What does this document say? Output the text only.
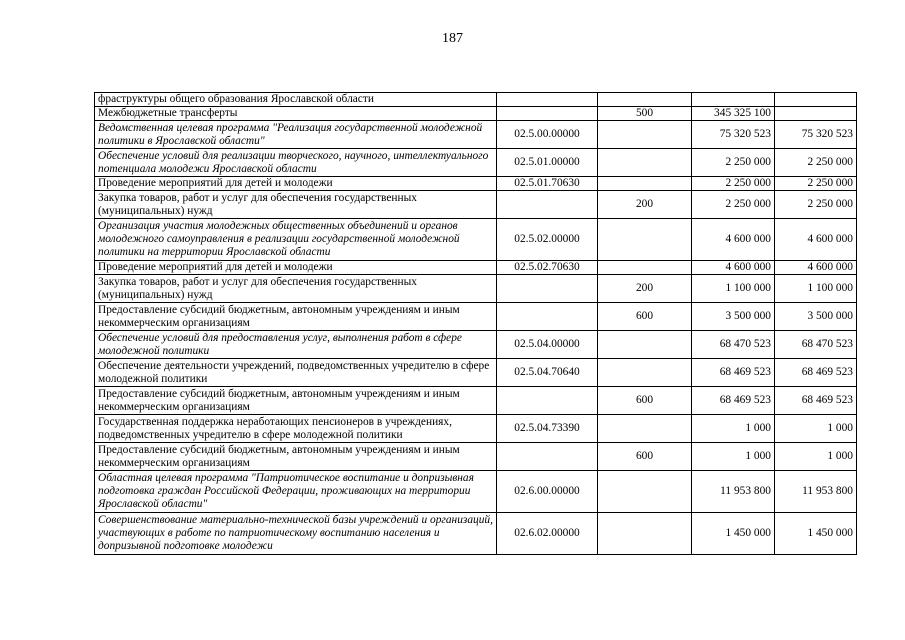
187
фраструктуры общего образования Ярославской области				
Межбюджетные трансферты		500	345 325 100	
Ведомственная целевая программа "Реализация государственной молодежной политики в Ярославской области"	02.5.00.00000		75 320 523	75 320 523
Обеспечение условий для реализации творческого, научного, интеллектуального потенциала молодежи Ярославской области	02.5.01.00000		2 250 000	2 250 000
Проведение мероприятий для детей и молодежи	02.5.01.70630		2 250 000	2 250 000
Закупка товаров, работ и услуг для обеспечения государственных (муниципальных) нужд		200	2 250 000	2 250 000
Организация участия молодежных общественных объединений и органов молодежного самоуправления в реализации государственной молодежной политики на территории Ярославской области	02.5.02.00000		4 600 000	4 600 000
Проведение мероприятий для детей и молодежи	02.5.02.70630		4 600 000	4 600 000
Закупка товаров, работ и услуг для обеспечения государственных (муниципальных) нужд		200	1 100 000	1 100 000
Предоставление субсидий бюджетным, автономным учреждениям и иным некоммерческим организациям		600	3 500 000	3 500 000
Обеспечение условий для предоставления услуг, выполнения работ в сфере молодежной политики	02.5.04.00000		68 470 523	68 470 523
Обеспечение деятельности учреждений, подведомственных учредителю в сфере молодежной политики	02.5.04.70640		68 469 523	68 469 523
Предоставление субсидий бюджетным, автономным учреждениям и иным некоммерческим организациям		600	68 469 523	68 469 523
Государственная поддержка неработающих пенсионеров в учреждениях, подведомственных учредителю в сфере молодежной политики	02.5.04.73390		1 000	1 000
Предоставление субсидий бюджетным, автономным учреждениям и иным некоммерческим организациям		600	1 000	1 000
Областная целевая программа "Патриотическое воспитание и допризывная подготовка граждан Российской Федерации, проживающих на территории Ярославской области"	02.6.00.00000		11 953 800	11 953 800
Совершенствование материально-технической базы учреждений и организаций, участвующих в работе по патриотическому воспитанию населения и допризывной подготовке молодежи	02.6.02.00000		1 450 000	1 450 000
